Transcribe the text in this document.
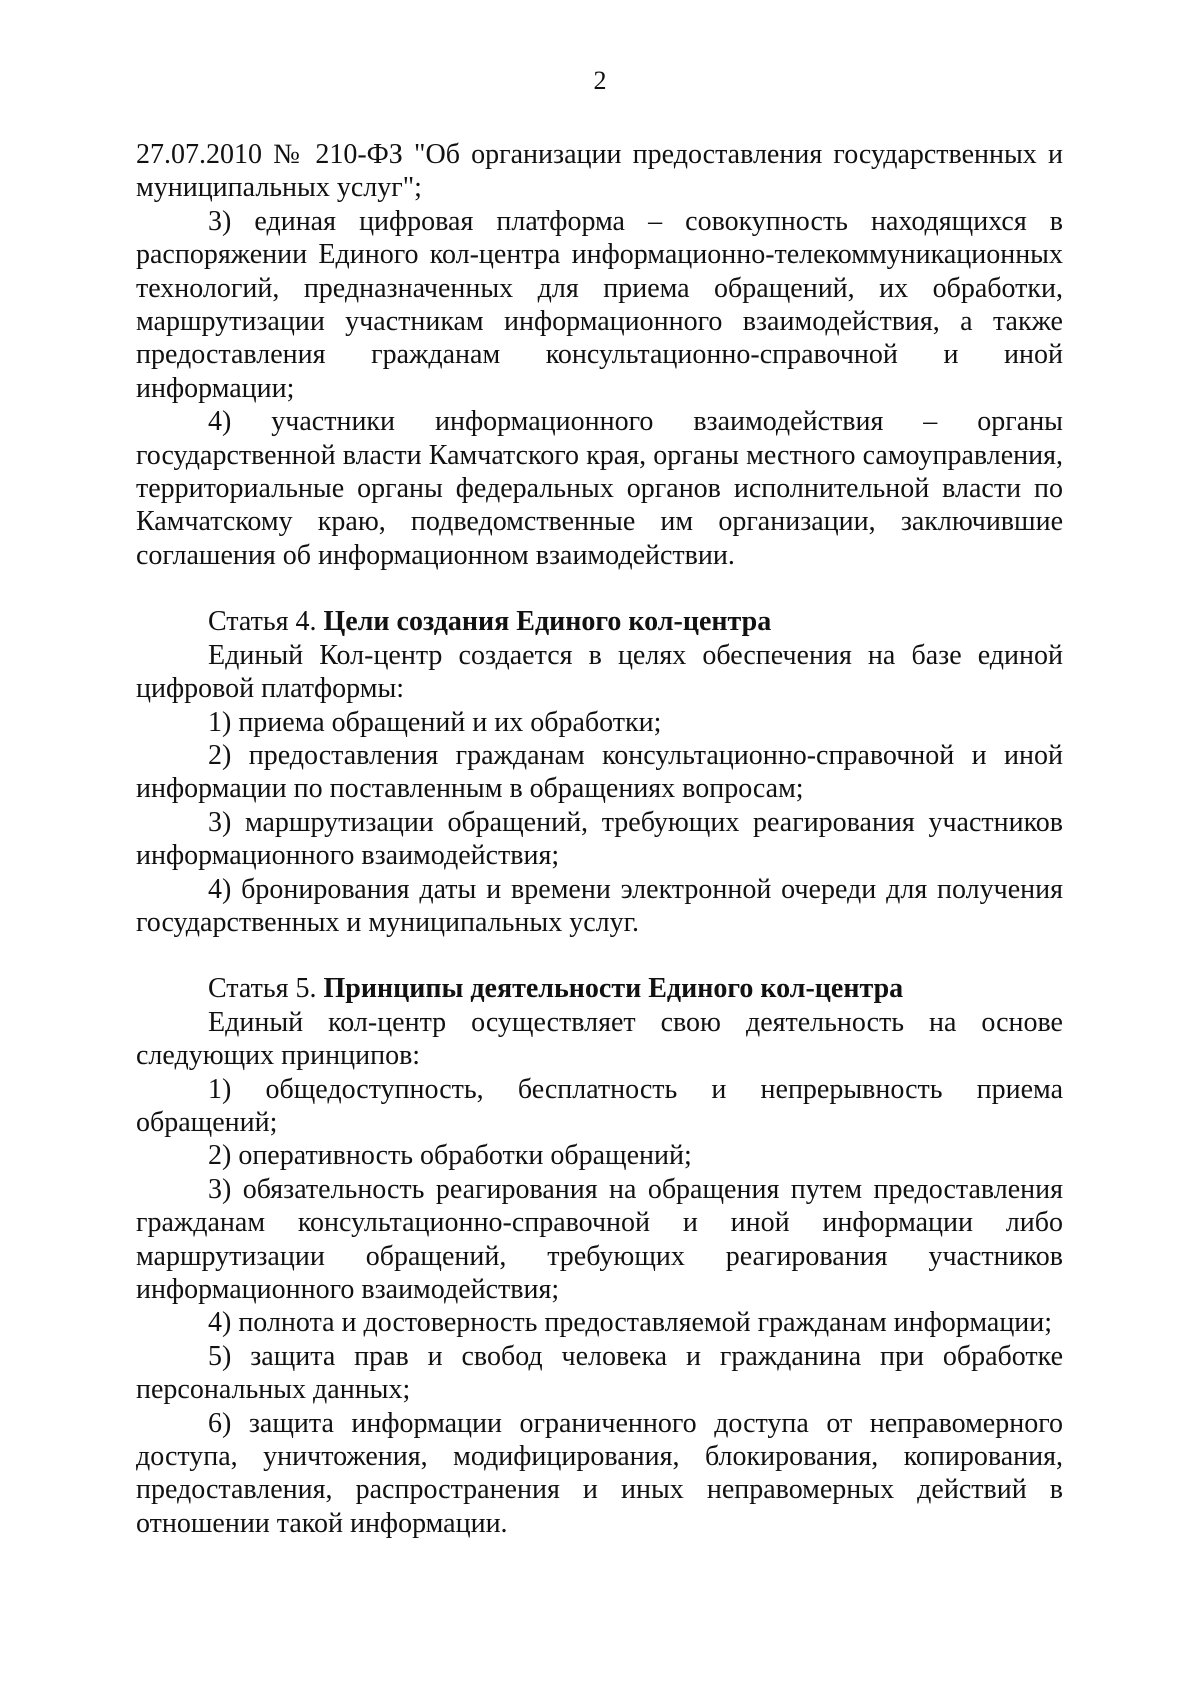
2

27.07.2010 № 210-ФЗ "Об организации предоставления государственных и муниципальных услуг";

3) единая цифровая платформа – совокупность находящихся в распоряжении Единого кол-центра информационно-телекоммуникационных технологий, предназначенных для приема обращений, их обработки, маршрутизации участникам информационного взаимодействия, а также предоставления гражданам консультационно-справочной и иной информации;

4) участники информационного взаимодействия – органы государственной власти Камчатского края, органы местного самоуправления, территориальные органы федеральных органов исполнительной власти по Камчатскому краю, подведомственные им организации, заключившие соглашения об информационном взаимодействии.

Статья 4. Цели создания Единого кол-центра

Единый Кол-центр создается в целях обеспечения на базе единой цифровой платформы:

1) приема обращений и их обработки;

2) предоставления гражданам консультационно-справочной и иной информации по поставленным в обращениях вопросам;

3) маршрутизации обращений, требующих реагирования участников информационного взаимодействия;

4) бронирования даты и времени электронной очереди для получения государственных и муниципальных услуг.

Статья 5. Принципы деятельности Единого кол-центра

Единый кол-центр осуществляет свою деятельность на основе следующих принципов:

1) общедоступность, бесплатность и непрерывность приема обращений;

2) оперативность обработки обращений;

3) обязательность реагирования на обращения путем предоставления гражданам консультационно-справочной и иной информации либо маршрутизации обращений, требующих реагирования участников информационного взаимодействия;

4) полнота и достоверность предоставляемой гражданам информации;

5) защита прав и свобод человека и гражданина при обработке персональных данных;

6) защита информации ограниченного доступа от неправомерного доступа, уничтожения, модифицирования, блокирования, копирования, предоставления, распространения и иных неправомерных действий в отношении такой информации.
